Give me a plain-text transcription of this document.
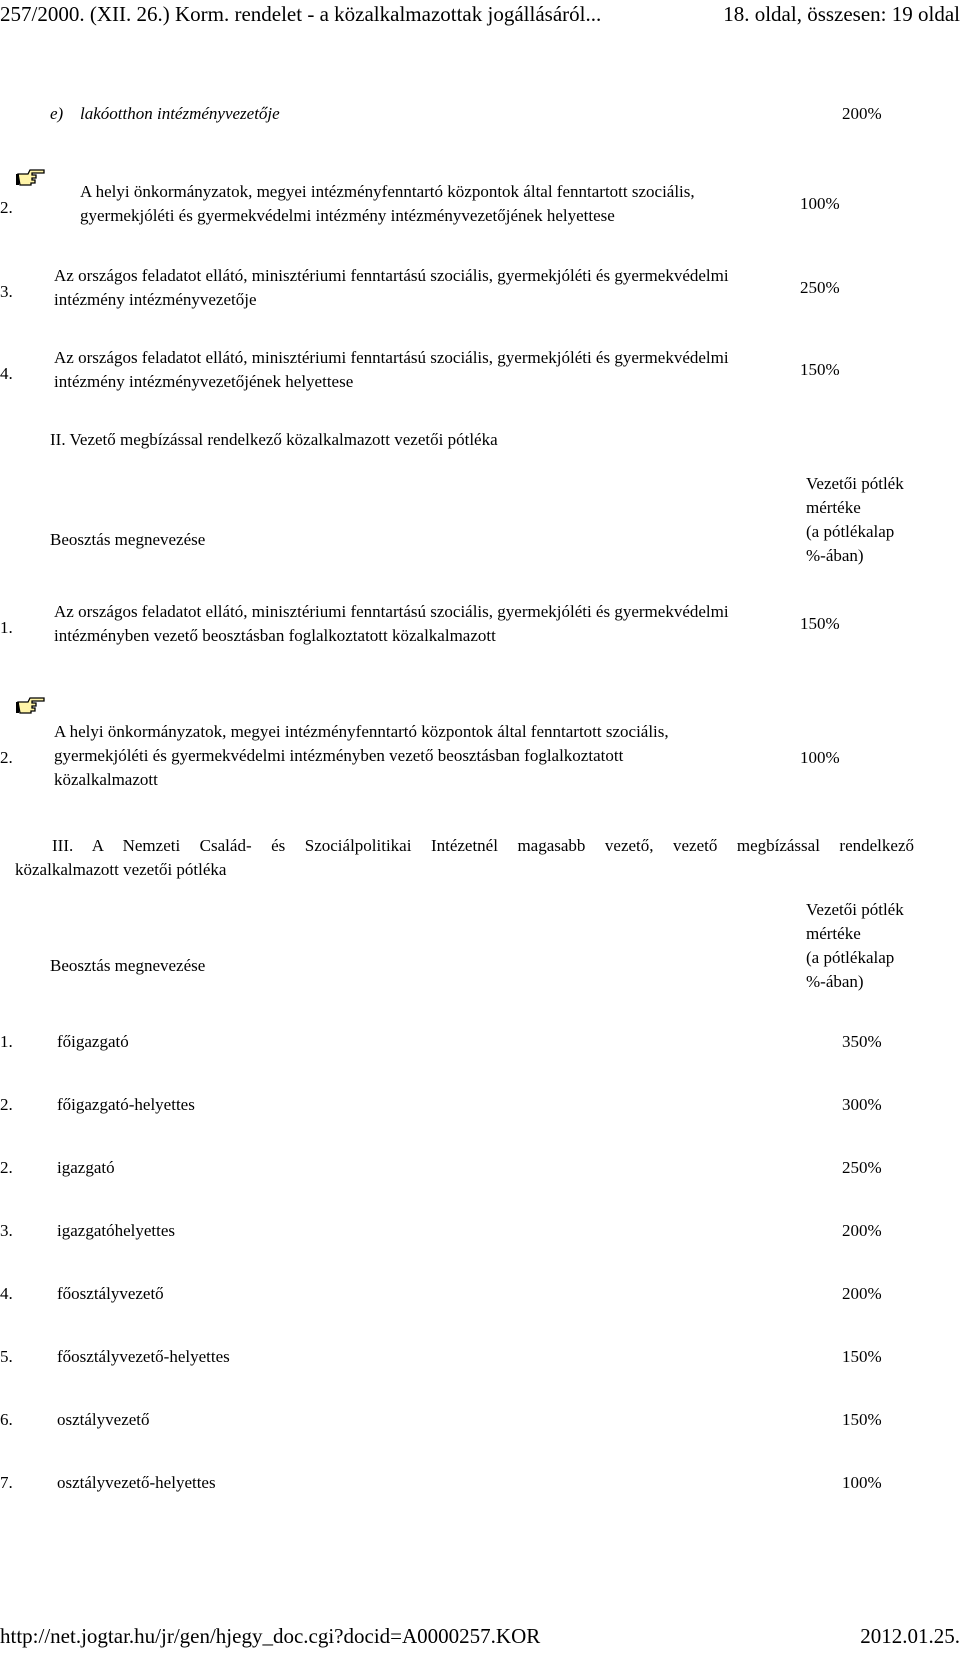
257/2000. (XII. 26.) Korm. rendelet - a közalkalmazottak jogállásáról...	18. oldal, összesen: 19 oldal
e) lakóotthon intézményvezetője	200%
2.
A helyi önkormányzatok, megyei intézményfenntartó központok által fenntartott szociális,
gyermekjóléti és gyermekvédelmi intézmény intézményvezetőjének helyettese
100%
3.
Az országos feladatot ellátó, minisztériumi fenntartású szociális, gyermekjóléti és gyermekvédelmi
intézmény intézményvezetője
250%
4.
Az országos feladatot ellátó, minisztériumi fenntartású szociális, gyermekjóléti és gyermekvédelmi
intézmény intézményvezetőjének helyettese
150%
II. Vezető megbízással rendelkező közalkalmazott vezetői pótléka
Beosztás megnevezése
Vezetői pótlék
mértéke
(a pótlékalap
%-ában)
1.
Az országos feladatot ellátó, minisztériumi fenntartású szociális, gyermekjóléti és gyermekvédelmi
intézményben vezető beosztásban foglalkoztatott közalkalmazott
150%
2.
A helyi önkormányzatok, megyei intézményfenntartó központok által fenntartott szociális,
gyermekjóléti és gyermekvédelmi intézményben vezető beosztásban foglalkoztatott
közalkalmazott
100%
III. A Nemzeti Család- és Szociálpolitikai Intézetnél magasabb vezető, vezető megbízással rendelkező
közalkalmazott vezetői pótléka
Beosztás megnevezése
Vezetői pótlék
mértéke
(a pótlékalap
%-ában)
1.	főigazgató	350%
2.	főigazgató-helyettes	300%
2.	igazgató	250%
3.	igazgatóhelyettes	200%
4.	főosztályvezető	200%
5.	főosztályvezető-helyettes	150%
6.	osztályvezető	150%
7.	osztályvezető-helyettes	100%
http://net.jogtar.hu/jr/gen/hjegy_doc.cgi?docid=A0000257.KOR	2012.01.25.
